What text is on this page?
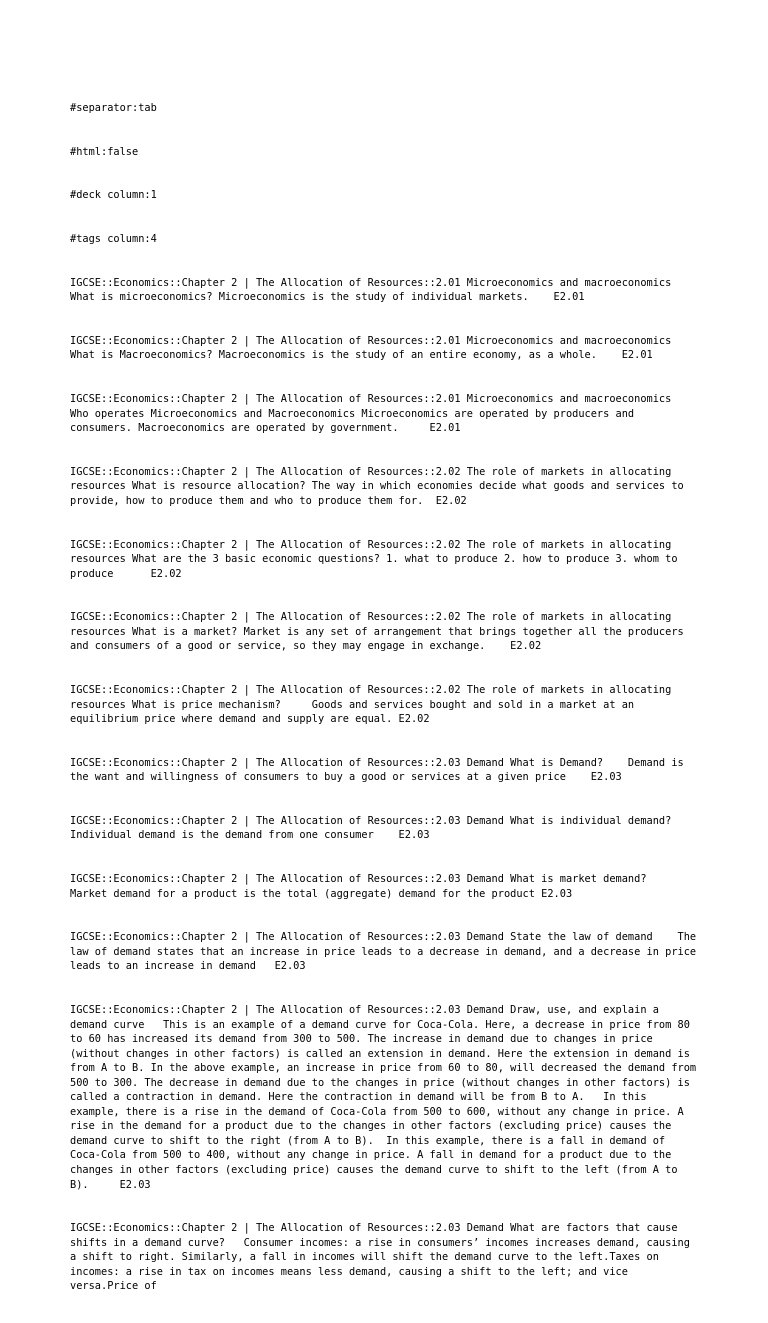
#separator:tab

#html:false

#deck column:1

#tags column:4

IGCSE::Economics::Chapter 2 | The Allocation of Resources::2.01 Microeconomics and macroeconomics    What is microeconomics? Microeconomics is the study of individual markets.    E2.01

IGCSE::Economics::Chapter 2 | The Allocation of Resources::2.01 Microeconomics and macroeconomics    What is Macroeconomics? Macroeconomics is the study of an entire economy, as a whole.    E2.01

IGCSE::Economics::Chapter 2 | The Allocation of Resources::2.01 Microeconomics and macroeconomics    Who operates Microeconomics and Macroeconomics Microeconomics are operated by producers and consumers. Macroeconomics are operated by government.     E2.01

IGCSE::Economics::Chapter 2 | The Allocation of Resources::2.02 The role of markets in allocating resources What is resource allocation? The way in which economies decide what goods and services to provide, how to produce them and who to produce them for.  E2.02

IGCSE::Economics::Chapter 2 | The Allocation of Resources::2.02 The role of markets in allocating resources What are the 3 basic economic questions? 1. what to produce 2. how to produce 3. whom to produce      E2.02

IGCSE::Economics::Chapter 2 | The Allocation of Resources::2.02 The role of markets in allocating resources What is a market? Market is any set of arrangement that brings together all the producers and consumers of a good or service, so they may engage in exchange.    E2.02

IGCSE::Economics::Chapter 2 | The Allocation of Resources::2.02 The role of markets in allocating resources What is price mechanism?     Goods and services bought and sold in a market at an equilibrium price where demand and supply are equal. E2.02

IGCSE::Economics::Chapter 2 | The Allocation of Resources::2.03 Demand What is Demand?    Demand is the want and willingness of consumers to buy a good or services at a given price    E2.03

IGCSE::Economics::Chapter 2 | The Allocation of Resources::2.03 Demand What is individual demand?    Individual demand is the demand from one consumer    E2.03

IGCSE::Economics::Chapter 2 | The Allocation of Resources::2.03 Demand What is market demand?   Market demand for a product is the total (aggregate) demand for the product E2.03

IGCSE::Economics::Chapter 2 | The Allocation of Resources::2.03 Demand State the law of demand    The law of demand states that an increase in price leads to a decrease in demand, and a decrease in price leads to an increase in demand   E2.03

IGCSE::Economics::Chapter 2 | The Allocation of Resources::2.03 Demand Draw, use, and explain a demand curve   This is an example of a demand curve for Coca-Cola. Here, a decrease in price from 80 to 60 has increased its demand from 300 to 500. The increase in demand due to changes in price (without changes in other factors) is called an extension in demand. Here the extension in demand is from A to B. In the above example, an increase in price from 60 to 80, will decreased the demand from 500 to 300. The decrease in demand due to the changes in price (without changes in other factors) is called a contraction in demand. Here the contraction in demand will be from B to A.   In this example, there is a rise in the demand of Coca-Cola from 500 to 600, without any change in price. A rise in the demand for a product due to the changes in other factors (excluding price) causes the demand curve to shift to the right (from A to B).  In this example, there is a fall in demand of Coca-Cola from 500 to 400, without any change in price. A fall in demand for a product due to the changes in other factors (excluding price) causes the demand curve to shift to the left (from A to B).     E2.03

IGCSE::Economics::Chapter 2 | The Allocation of Resources::2.03 Demand What are factors that cause shifts in a demand curve?   Consumer incomes: a rise in consumers’ incomes increases demand, causing a shift to right. Similarly, a fall in incomes will shift the demand curve to the left.Taxes on incomes: a rise in tax on incomes means less demand, causing a shift to the left; and vice versa.Price of
